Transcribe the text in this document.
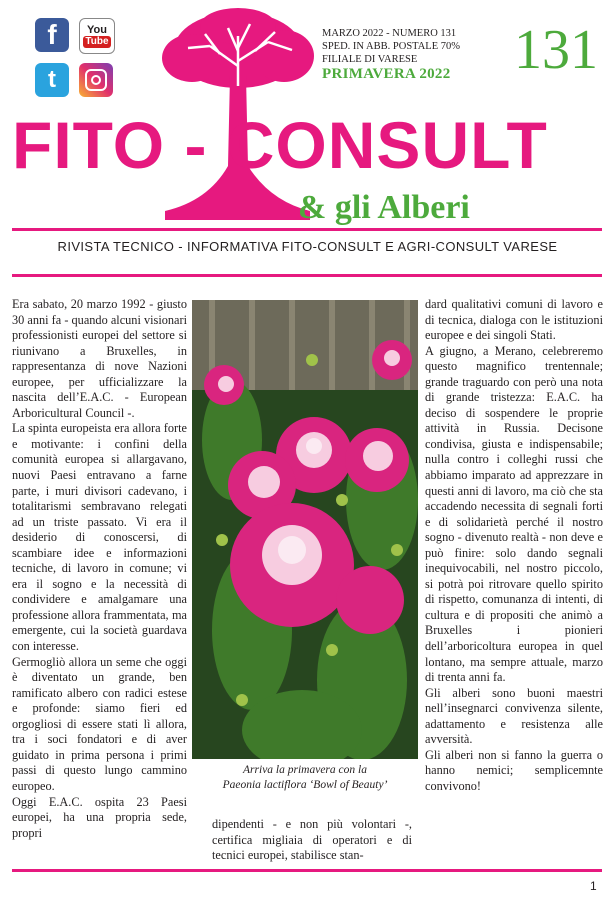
f	You
Tube
t
MARZO 2022 - NUMERO 131
SPED. IN ABB. POSTALE 70%
FILIALE DI VARESE
PRIMAVERA 2022 131
FITO - CONSULT
& gli Alberi
RIVISTA TECNICO - INFORMATIVA FITO-CONSULT E AGRI-CONSULT VARESE

Era sabato, 20 marzo 1992 - giusto 30 anni fa - quando alcuni visionari professionisti europei del settore si riunivano a Bruxelles, in rappresentanza di nove Nazioni europee, per ufficializzare la nascita dell’E.A.C. - European Arboricultural Council -.

La spinta europeista era allora forte e motivante: i confini della comunità europea si allargavano, nuovi Paesi entravano a farne parte, i muri divisori cadevano, i totalitarismi sembravano relegati ad un triste passato. Vi era il desiderio di conoscersi, di scambiare idee e informazioni tecniche, di lavoro in comune; vi era il sogno e la necessità di condividere e amalgamare una professione allora frammentata, ma emergente, cui la società guardava con interesse.

Germogliò allora un seme che oggi è diventato un grande, ben ramificato albero con radici estese e profonde: siamo fieri ed orgogliosi di essere stati lì allora, tra i soci fondatori e di aver guidato in prima persona i primi passi di questo lungo cammino europeo.

Oggi E.A.C. ospita 23 Paesi europei, ha una propria sede, propri

Arriva la primavera con la
Paeonia lactiflora ‘Bowl of Beauty’

dipendenti - e non più volontari -, certifica migliaia di operatori e di tecnici europei, stabilisce stan-

dard qualitativi comuni di lavoro e di tecnica, dialoga con le istituzioni europee e dei singoli Stati.

A giugno, a Merano, celebreremo questo magnifico trentennale; grande traguardo con però una nota di grande tristezza: E.A.C. ha deciso di sospendere le proprie attività in Russia. Decisone condivisa, giusta e indispensabile; nulla contro i colleghi russi che abbiamo imparato ad apprezzare in questi anni di lavoro, ma ciò che sta accadendo necessita di segnali forti e di solidarietà perché il nostro sogno - divenuto realtà - non deve e può finire: solo dando segnali inequivocabili, nel nostro piccolo, si potrà poi ritrovare quello spirito di rispetto, comunanza di intenti, di cultura e di propositi che animò a Bruxelles i pionieri dell’arboricoltura europea in quel lontano, ma sempre attuale, marzo di trenta anni fa.

Gli alberi sono buoni maestri nell’insegnarci convivenza silente, adattamento e resistenza alle avversità.

Gli alberi non si fanno la guerra o hanno nemici; semplicemnte convivono!

1
